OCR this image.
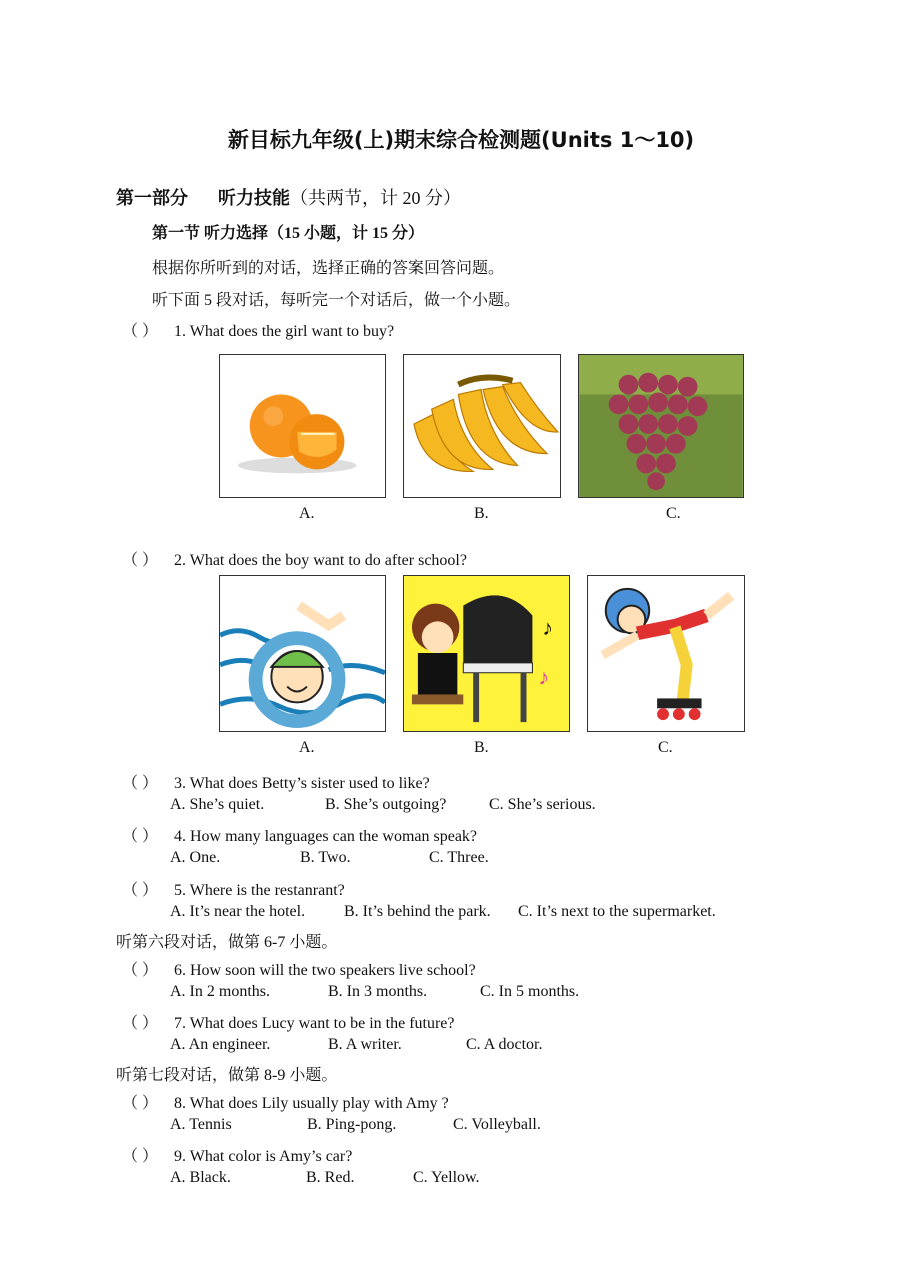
新目标九年级(上)期末综合检测题(Units 1～10)
第一部分 听力技能（共两节，计 20 分）
第一节 听力选择（15 小题，计 15 分）
根据你所听到的对话，选择正确的答案回答问题。
听下面 5 段对话，每听完一个对话后，做一个小题。
（ ） 1. What does the girl want to buy?
A.	B.	C.
（ ） 2. What does the boy want to do after school?
♪
♪
A.	B.	C.
（ ） 3. What does Betty’s sister used to like?
A. She’s quiet.	B. She’s outgoing?	C. She’s serious.
（ ） 4. How many languages can the woman speak?
A. One.	B. Two.	C. Three.
（ ） 5. Where is the restanrant?
A. It’s near the hotel. B. It’s behind the park. C. It’s next to the supermarket.
听第六段对话，做第 6-7 小题。
（ ） 6. How soon will the two speakers live school?
A. In 2 months.	B. In 3 months.	C. In 5 months.
（ ） 7. What does Lucy want to be in the future?
A. An engineer.	B. A writer.	C. A doctor.
听第七段对话，做第 8-9 小题。
（ ） 8. What does Lily usually play with Amy ?
A. Tennis	B. Ping-pong.	C. Volleyball.
（ ） 9. What color is Amy’s car?
A. Black.	B. Red.	C. Yellow.
